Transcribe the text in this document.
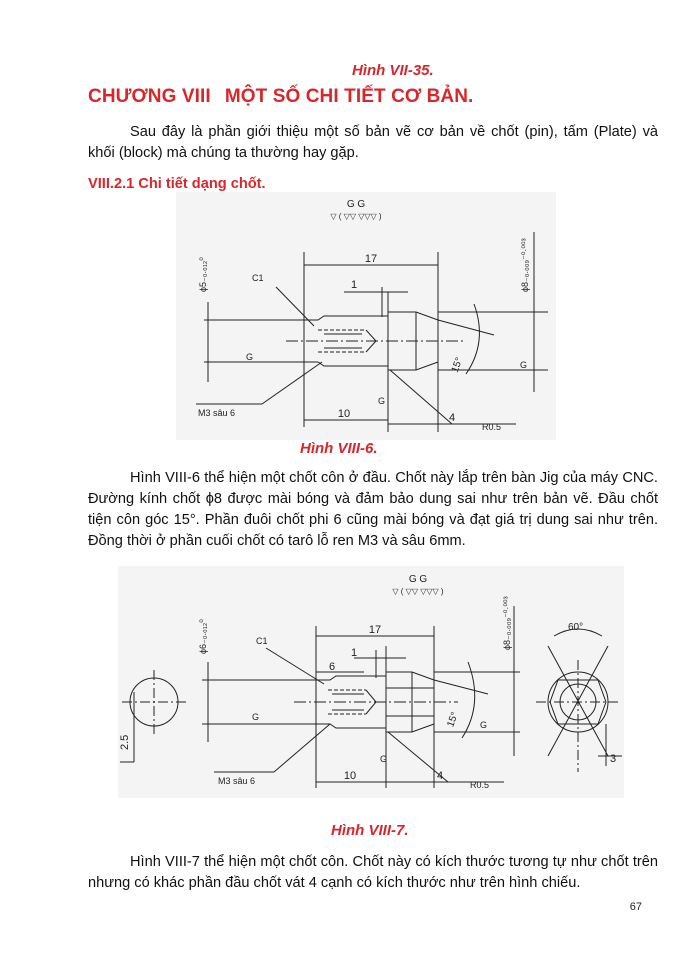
Hình VII-35.
CHƯƠNG VIII MỘT SỐ CHI TIẾT CƠ BẢN.
Sau đây là phần giới thiệu một số bản vẽ cơ bản về chốt (pin), tấm (Plate) và khối (block) mà chúng ta thường hay gặp.
VIII.2.1 Chi tiết dạng chốt.
G G
▽ ( ▽▽ ▽▽▽ )
17
1
10	4
15°
C1
R0.5
M3 sâu 6
G
G
G
ϕ5₋₀.₀₁₂⁰	ϕ8₋₀.₀₀₉⁻⁰·⁰⁰³
Hình VIII-6.
Hình VIII-6 thể hiện một chốt côn ở đầu. Chốt này lắp trên bàn Jig của máy CNC. Đường kính chốt ϕ8 được mài bóng và đảm bảo dung sai như trên bản vẽ. Đầu chốt tiện côn góc 15°. Phần đuôi chốt phi 6 cũng mài bóng và đạt giá trị dung sai như trên. Đồng thời ở phần cuối chốt có tarô lỗ ren M3 và sâu 6mm.
G G
▽ ( ▽▽ ▽▽▽ )
17
6
1
10	4
2.5
3
15°
60°
C1
R0.5
M3 sâu 6
G
G
G
ϕ6₋₀.₀₁₂⁰	ϕ8₋₀.₀₀₉⁻⁰·⁰⁰³
Hình VIII-7.
Hình VIII-7 thể hiện một chốt côn. Chốt này có kích thước tương tự như chốt trên nhưng có khác phần đầu chốt vát 4 cạnh có kích thước như trên hình chiếu.
67
